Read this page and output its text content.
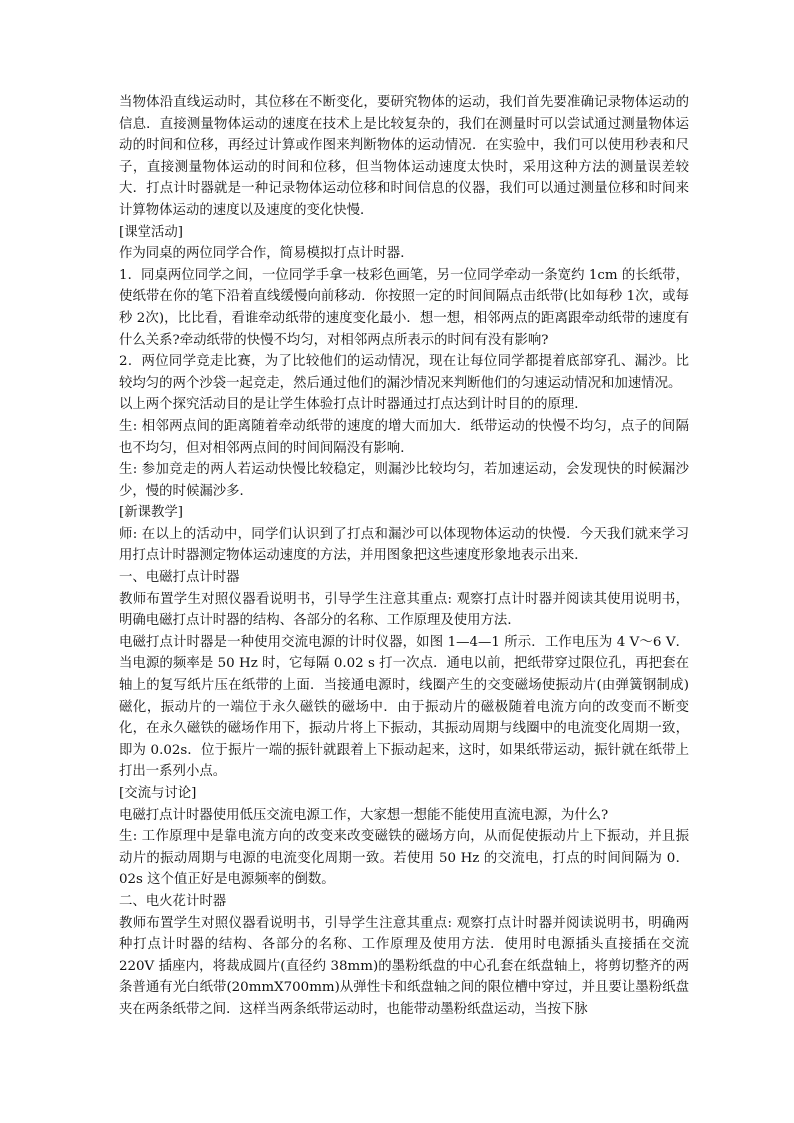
当物体沿直线运动时，其位移在不断变化，要研究物体的运动，我们首先要准确记录物体运动的信息．直接测量物体运动的速度在技术上是比较复杂的，我们在测量时可以尝试通过测量物体运动的时间和位移，再经过计算或作图来判断物体的运动情况．在实验中，我们可以使用秒表和尺子，直接测量物体运动的时间和位移，但当物体运动速度太快时，采用这种方法的测量误差较大．打点计时器就是一种记录物体运动位移和时间信息的仪器，我们可以通过测量位移和时间来计算物体运动的速度以及速度的变化快慢．

[课堂活动]

作为同桌的两位同学合作，简易模拟打点计时器．

1．同桌两位同学之间，一位同学手拿一枝彩色画笔，另一位同学牵动一条宽约 1cm 的长纸带，使纸带在你的笔下沿着直线缓慢向前移动．你按照一定的时间间隔点击纸带(比如每秒 1次，或每秒 2次)，比比看，看谁牵动纸带的速度变化最小．想一想，相邻两点的距离跟牵动纸带的速度有什么关系?牵动纸带的快慢不均匀，对相邻两点所表示的时间有没有影响?

2．两位同学竞走比赛，为了比较他们的运动情况，现在让每位同学都提着底部穿孔、漏沙。比较均匀的两个沙袋一起竞走，然后通过他们的漏沙情况来判断他们的匀速运动情况和加速情况。

以上两个探究活动目的是让学生体验打点计时器通过打点达到计时目的的原理．

生: 相邻两点间的距离随着牵动纸带的速度的增大而加大．纸带运动的快慢不均匀，点子的间隔也不均匀，但对相邻两点间的时间间隔没有影响．

生: 参加竞走的两人若运动快慢比较稳定，则漏沙比较均匀，若加速运动，会发现快的时候漏沙少，慢的时候漏沙多．

[新课教学]

师: 在以上的活动中，同学们认识到了打点和漏沙可以体现物体运动的快慢．今天我们就来学习用打点计时器测定物体运动速度的方法，并用图象把这些速度形象地表示出来．

一、电磁打点计时器

教师布置学生对照仪器看说明书，引导学生注意其重点: 观察打点计时器并阅读其使用说明书，明确电磁打点计时器的结构、各部分的名称、工作原理及使用方法．

电磁打点计时器是一种使用交流电源的计时仪器，如图 1—4—1 所示．工作电压为 4 V～6 V．当电源的频率是 50 Hz 时，它每隔 0.02 s 打一次点．通电以前，把纸带穿过限位孔，再把套在轴上的复写纸片压在纸带的上面．当接通电源时，线圈产生的交变磁场使振动片(由弹簧钢制成)磁化，振动片的一端位于永久磁铁的磁场中．由于振动片的磁极随着电流方向的改变而不断变化，在永久磁铁的磁场作用下，振动片将上下振动，其振动周期与线圈中的电流变化周期一致，即为 0.02s．位于振片一端的振针就跟着上下振动起来，这时，如果纸带运动，振针就在纸带上打出一系列小点。

[交流与讨论]

电磁打点计时器使用低压交流电源工作，大家想一想能不能使用直流电源，为什么?

生: 工作原理中是靠电流方向的改变来改变磁铁的磁场方向，从而促使振动片上下振动，并且振动片的振动周期与电源的电流变化周期一致。若使用 50 Hz 的交流电，打点的时间间隔为 0．02s 这个值正好是电源频率的倒数。

二、电火花计时器

教师布置学生对照仪器看说明书，引导学生注意其重点: 观察打点计时器并阅读说明书，明确两种打点计时器的结构、各部分的名称、工作原理及使用方法．使用时电源插头直接插在交流 220V 插座内，将裁成圆片(直径约 38mm)的墨粉纸盘的中心孔套在纸盘轴上，将剪切整齐的两条普通有光白纸带(20mmX700mm)从弹性卡和纸盘轴之间的限位槽中穿过，并且要让墨粉纸盘夹在两条纸带之间．这样当两条纸带运动时，也能带动墨粉纸盘运动，当按下脉
